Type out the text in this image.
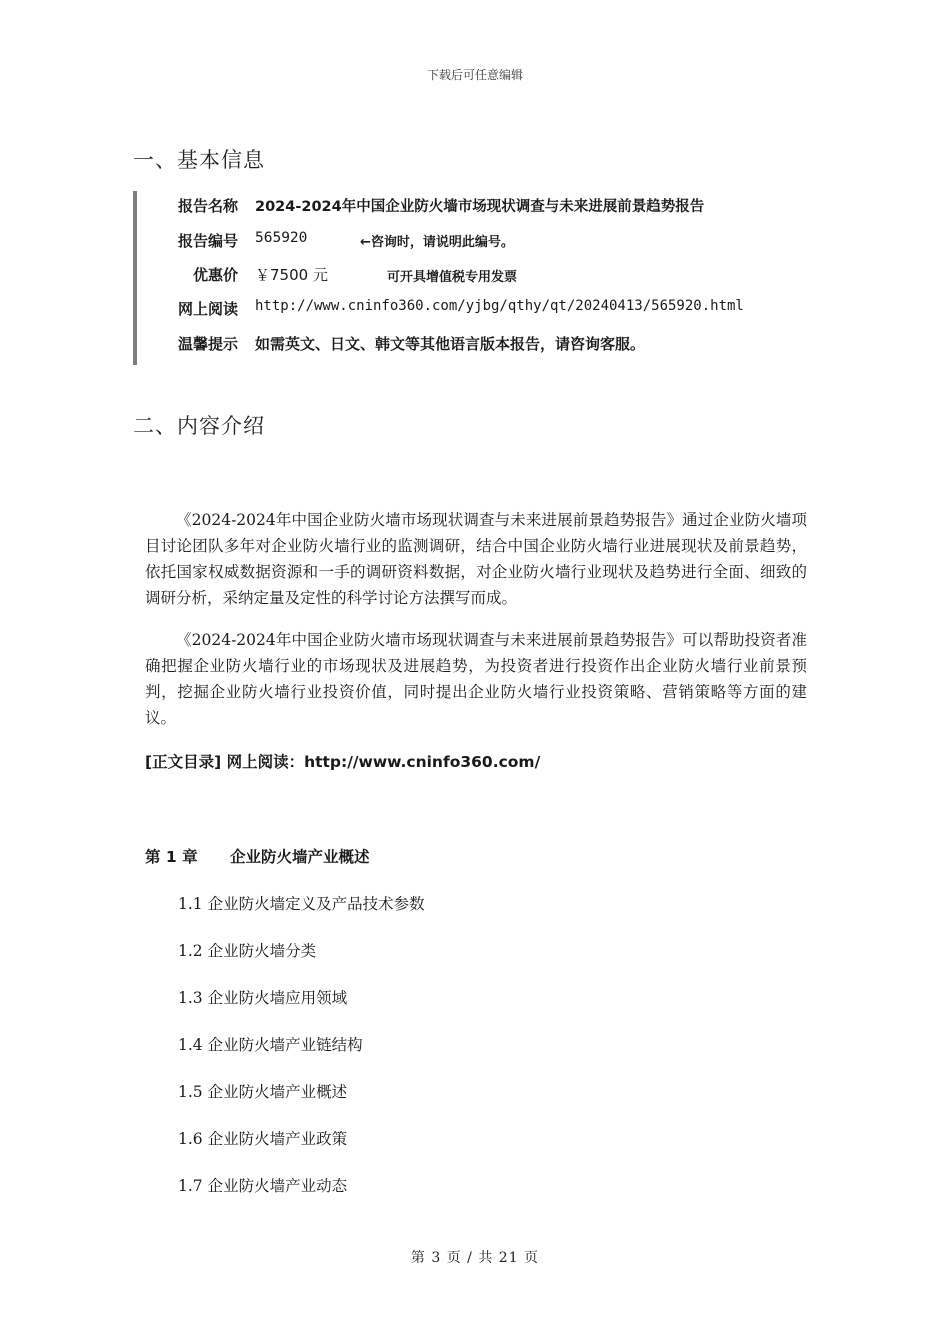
下载后可任意编辑
一、基本信息
报告名称 2024-2024年中国企业防火墙市场现状调查与未来进展前景趋势报告
报告编号 565920	←咨询时，请说明此编号。
优惠价 ￥7500 元	可开具增值税专用发票
网上阅读 http://www.cninfo360.com/yjbg/qthy/qt/20240413/565920.html
温馨提示 如需英文、日文、韩文等其他语言版本报告，请咨询客服。
二、内容介绍

《2024-2024年中国企业防火墙市场现状调查与未来进展前景趋势报告》通过企业防火墙项目讨论团队多年对企业防火墙行业的监测调研，结合中国企业防火墙行业进展现状及前景趋势，依托国家权威数据资源和一手的调研资料数据，对企业防火墙行业现状及趋势进行全面、细致的调研分析，采纳定量及定性的科学讨论方法撰写而成。

《2024-2024年中国企业防火墙市场现状调查与未来进展前景趋势报告》可以帮助投资者准确把握企业防火墙行业的市场现状及进展趋势，为投资者进行投资作出企业防火墙行业前景预判，挖掘企业防火墙行业投资价值，同时提出企业防火墙行业投资策略、营销策略等方面的建议。

[正文目录] 网上阅读：http://www.cninfo360.com/
第 1 章 企业防火墙产业概述
1.1 企业防火墙定义及产品技术参数
1.2 企业防火墙分类
1.3 企业防火墙应用领域
1.4 企业防火墙产业链结构
1.5 企业防火墙产业概述
1.6 企业防火墙产业政策
1.7 企业防火墙产业动态
第 3 页 / 共 21 页
